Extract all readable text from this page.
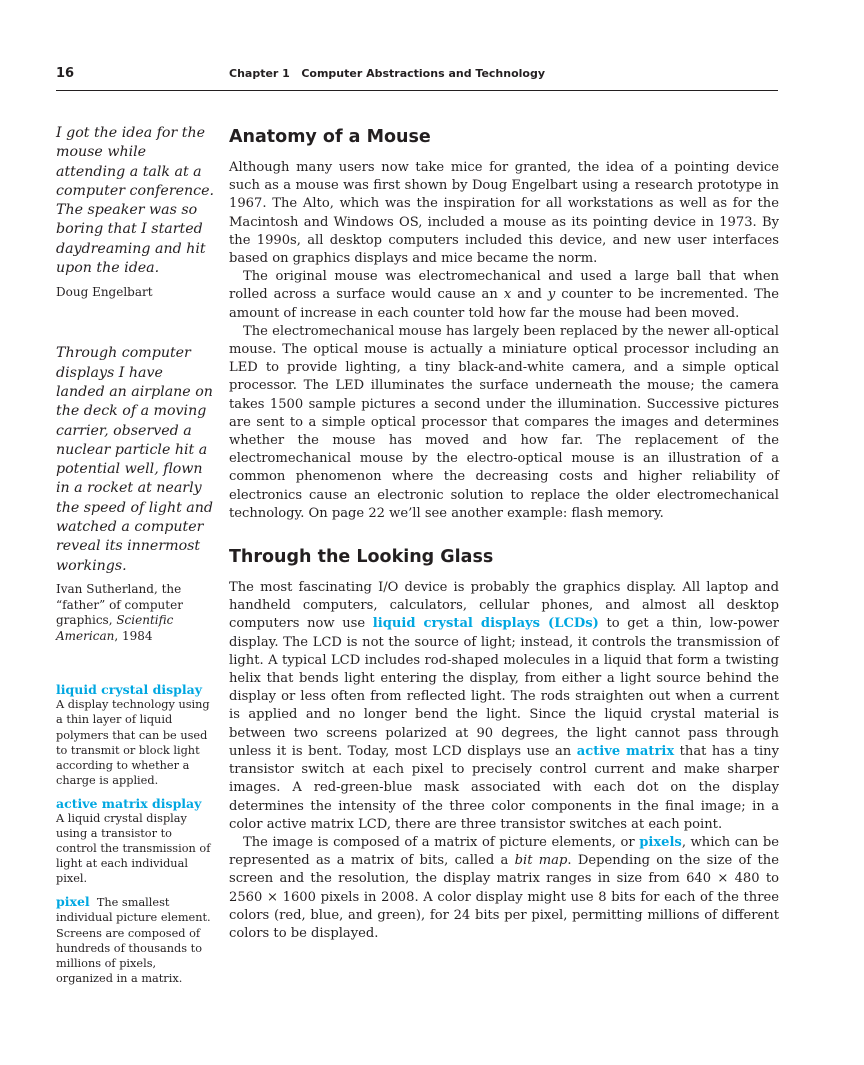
16	Chapter 1   Computer Abstractions and Technology

I got the idea for the mouse while attending a talk at a computer conference. The speaker was so boring that I started daydreaming and hit upon the idea.

Doug Engelbart

Through computer displays I have landed an airplane on the deck of a moving carrier, observed a nuclear particle hit a potential well, flown in a rocket at nearly the speed of light and watched a computer reveal its innermost workings.

Ivan Sutherland, the “father” of computer graphics, Scientific American, 1984

liquid crystal display

A display technology using a thin layer of liquid polymers that can be used to transmit or block light according to whether a charge is applied.

active matrix display

A liquid crystal display using a transistor to control the transmission of light at each individual pixel.

pixel The smallest individual picture element. Screens are composed of hundreds of thousands to millions of pixels, organized in a matrix.

Anatomy of a Mouse

Although many users now take mice for granted, the idea of a pointing device such as a mouse was first shown by Doug Engelbart using a research prototype in 1967. The Alto, which was the inspiration for all workstations as well as for the Macintosh and Windows OS, included a mouse as its pointing device in 1973. By the 1990s, all desktop computers included this device, and new user interfaces based on graphics displays and mice became the norm.

The original mouse was electromechanical and used a large ball that when rolled across a surface would cause an x and y counter to be incremented. The amount of increase in each counter told how far the mouse had been moved.

The electromechanical mouse has largely been replaced by the newer all-optical mouse. The optical mouse is actually a miniature optical processor including an LED to provide lighting, a tiny black-and-white camera, and a simple optical processor. The LED illuminates the surface underneath the mouse; the camera takes 1500 sample pictures a second under the illumination. Successive pictures are sent to a simple optical processor that compares the images and determines whether the mouse has moved and how far. The replacement of the electromechanical mouse by the electro-optical mouse is an illustration of a common phenomenon where the decreasing costs and higher reliability of electronics cause an electronic solution to replace the older electromechanical technology. On page 22 we’ll see another example: flash memory.

Through the Looking Glass

The most fascinating I/O device is probably the graphics display. All laptop and handheld computers, calculators, cellular phones, and almost all desktop computers now use liquid crystal displays (LCDs) to get a thin, low-power display. The LCD is not the source of light; instead, it controls the transmission of light. A typical LCD includes rod-shaped molecules in a liquid that form a twisting helix that bends light entering the display, from either a light source behind the display or less often from reflected light. The rods straighten out when a current is applied and no longer bend the light. Since the liquid crystal material is between two screens polarized at 90 degrees, the light cannot pass through unless it is bent. Today, most LCD displays use an active matrix that has a tiny transistor switch at each pixel to precisely control current and make sharper images. A red-green-blue mask associated with each dot on the display determines the intensity of the three color components in the final image; in a color active matrix LCD, there are three transistor switches at each point.

The image is composed of a matrix of picture elements, or pixels, which can be represented as a matrix of bits, called a bit map. Depending on the size of the screen and the resolution, the display matrix ranges in size from 640 × 480 to 2560 × 1600 pixels in 2008. A color display might use 8 bits for each of the three colors (red, blue, and green), for 24 bits per pixel, permitting millions of different colors to be displayed.
